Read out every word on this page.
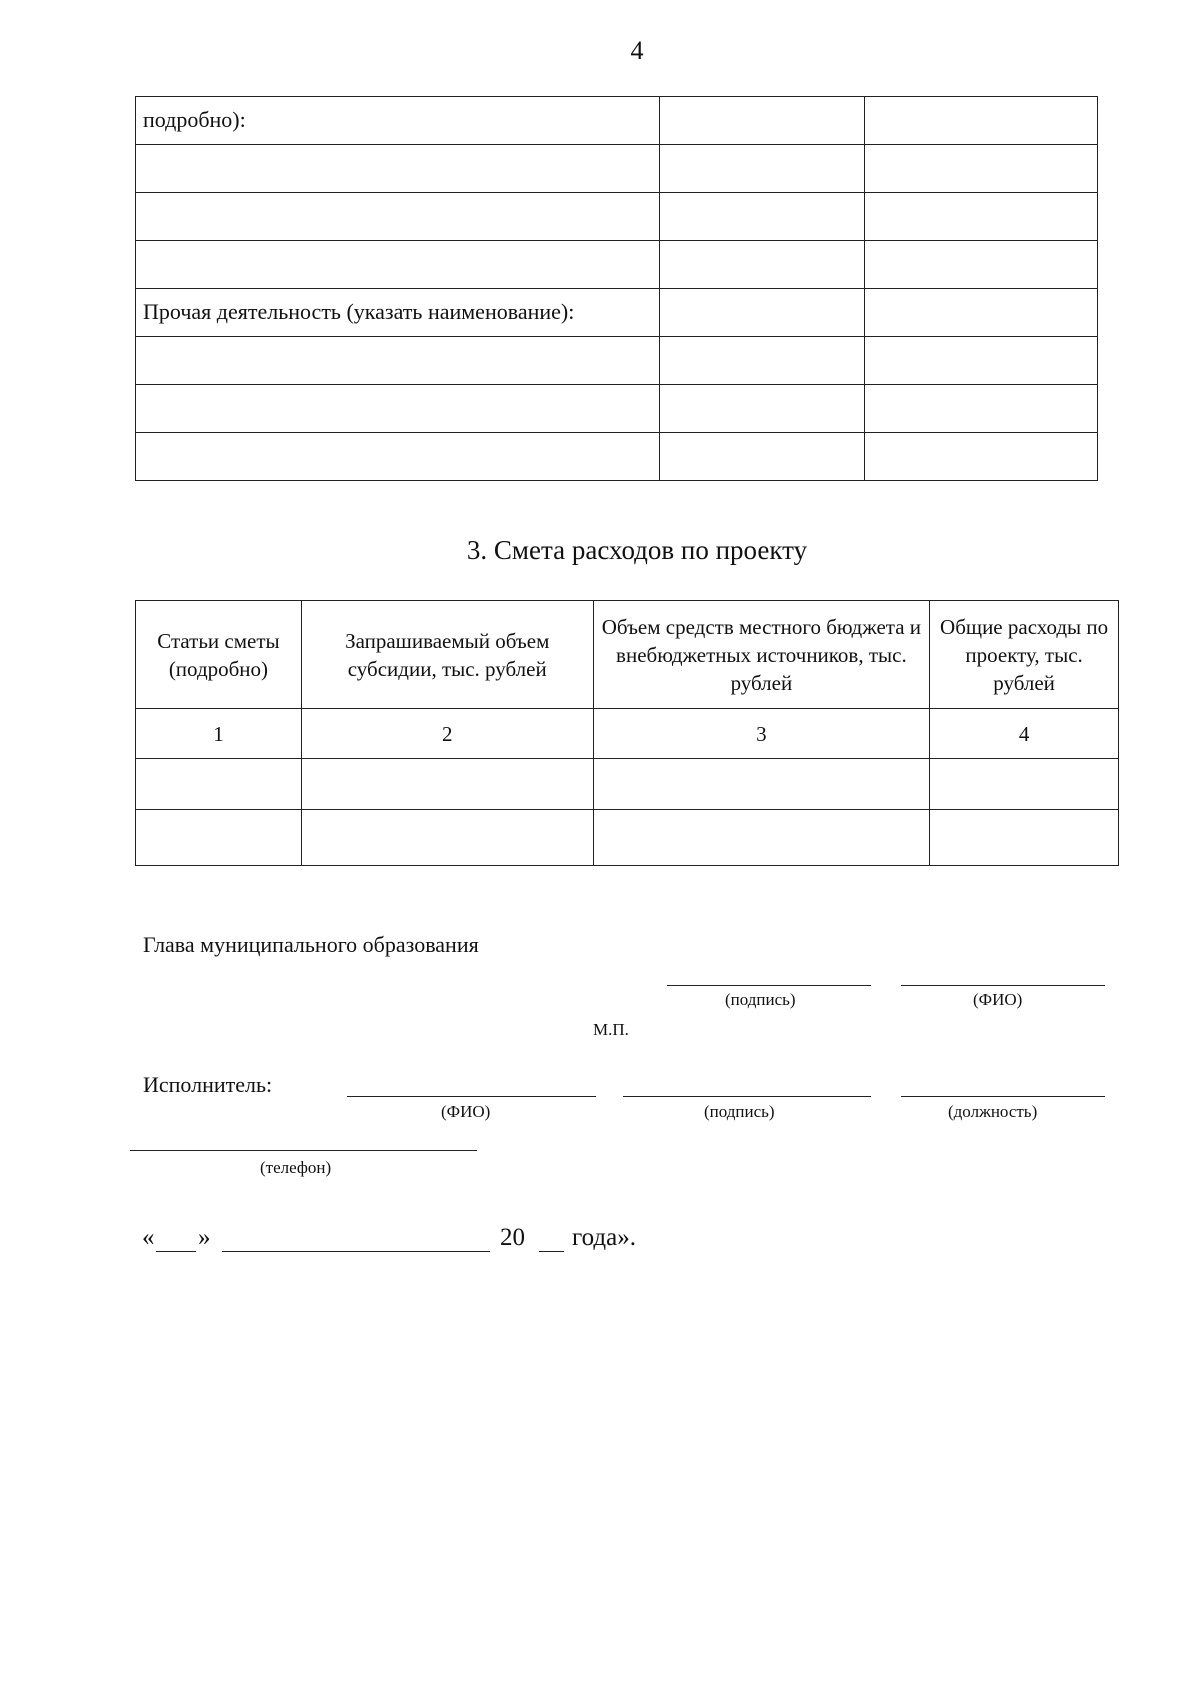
4
подробно):		

Прочая деятельность (указать наименование):		

3. Смета расходов по проекту
Статьи сметы (подробно)	Запрашиваемый объем субсидии, тыс. рублей	Объем средств местного бюджета и внебюджетных источников, тыс. рублей	Общие расходы по проекту, тыс. рублей
1	2	3	4

Глава муниципального образования
(подпись)	(ФИО)
М.П.
Исполнитель:
(ФИО)	(подпись)	(должность)
(телефон)
« »	20 года».
